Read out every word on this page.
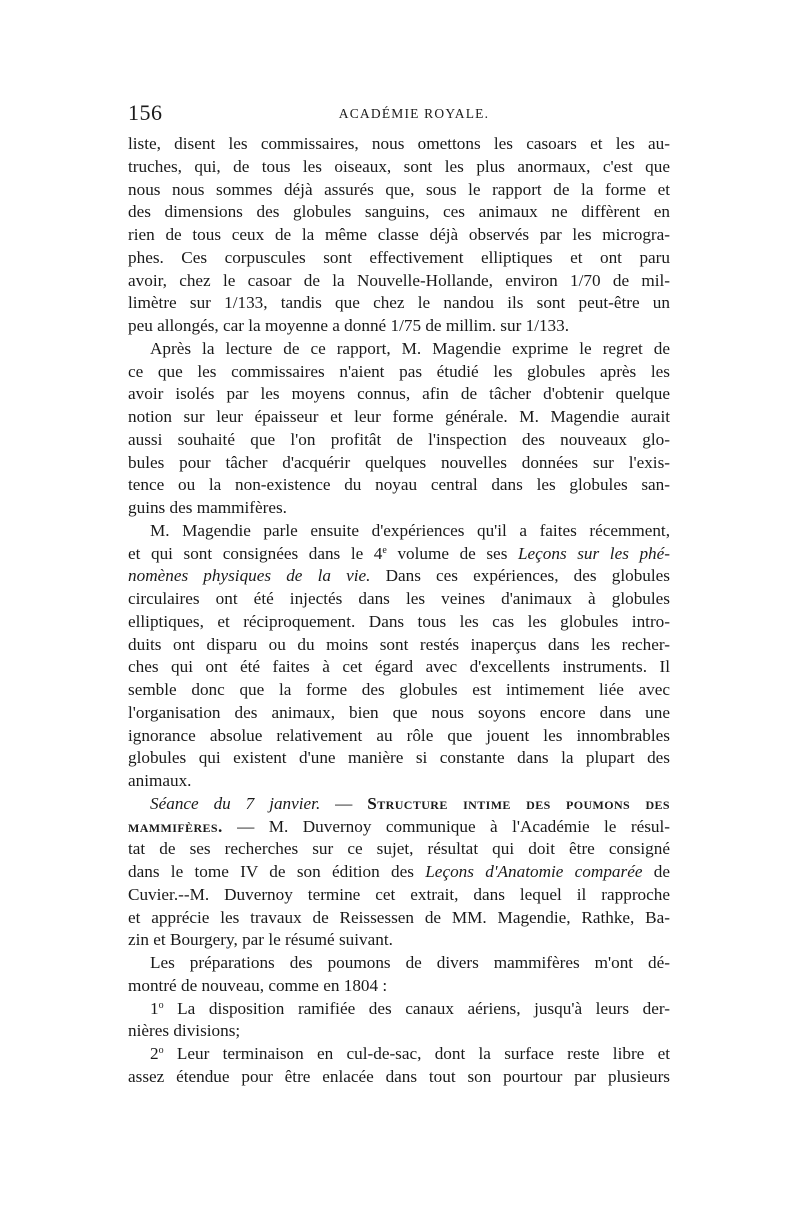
156	ACADÉMIE ROYALE.
liste, disent les commissaires, nous omettons les casoars et les au-
truches, qui, de tous les oiseaux, sont les plus anormaux, c'est que
nous nous sommes déjà assurés que, sous le rapport de la forme et
des dimensions des globules sanguins, ces animaux ne diffèrent en
rien de tous ceux de la même classe déjà observés par les microgra-
phes. Ces corpuscules sont effectivement elliptiques et ont paru
avoir, chez le casoar de la Nouvelle-Hollande, environ 1/70 de mil-
limètre sur 1/133, tandis que chez le nandou ils sont peut-être un
peu allongés, car la moyenne a donné 1/75 de millim. sur 1/133.
Après la lecture de ce rapport, M. Magendie exprime le regret de
ce que les commissaires n'aient pas étudié les globules après les
avoir isolés par les moyens connus, afin de tâcher d'obtenir quelque
notion sur leur épaisseur et leur forme générale. M. Magendie aurait
aussi souhaité que l'on profitât de l'inspection des nouveaux glo-
bules pour tâcher d'acquérir quelques nouvelles données sur l'exis-
tence ou la non-existence du noyau central dans les globules san-
guins des mammifères.
M. Magendie parle ensuite d'expériences qu'il a faites récemment,
et qui sont consignées dans le 4e volume de ses Leçons sur les phé-
nomènes physiques de la vie. Dans ces expériences, des globules
circulaires ont été injectés dans les veines d'animaux à globules
elliptiques, et réciproquement. Dans tous les cas les globules intro-
duits ont disparu ou du moins sont restés inaperçus dans les recher-
ches qui ont été faites à cet égard avec d'excellents instruments. Il
semble donc que la forme des globules est intimement liée avec
l'organisation des animaux, bien que nous soyons encore dans une
ignorance absolue relativement au rôle que jouent les innombrables
globules qui existent d'une manière si constante dans la plupart des
animaux.
Séance du 7 janvier. — Structure intime des poumons des
mammifères. — M. Duvernoy communique à l'Académie le résul-
tat de ses recherches sur ce sujet, résultat qui doit être consigné
dans le tome IV de son édition des Leçons d'Anatomie comparée de
Cuvier.--M. Duvernoy termine cet extrait, dans lequel il rapproche
et apprécie les travaux de Reissessen de MM. Magendie, Rathke, Ba-
zin et Bourgery, par le résumé suivant.
Les préparations des poumons de divers mammifères m'ont dé-
montré de nouveau, comme en 1804 :
1$^o$ La disposition ramifiée des canaux aériens, jusqu'à leurs der-
nières divisions;
2$^o$ Leur terminaison en cul-de-sac, dont la surface reste libre et
assez étendue pour être enlacée dans tout son pourtour par plusieurs
